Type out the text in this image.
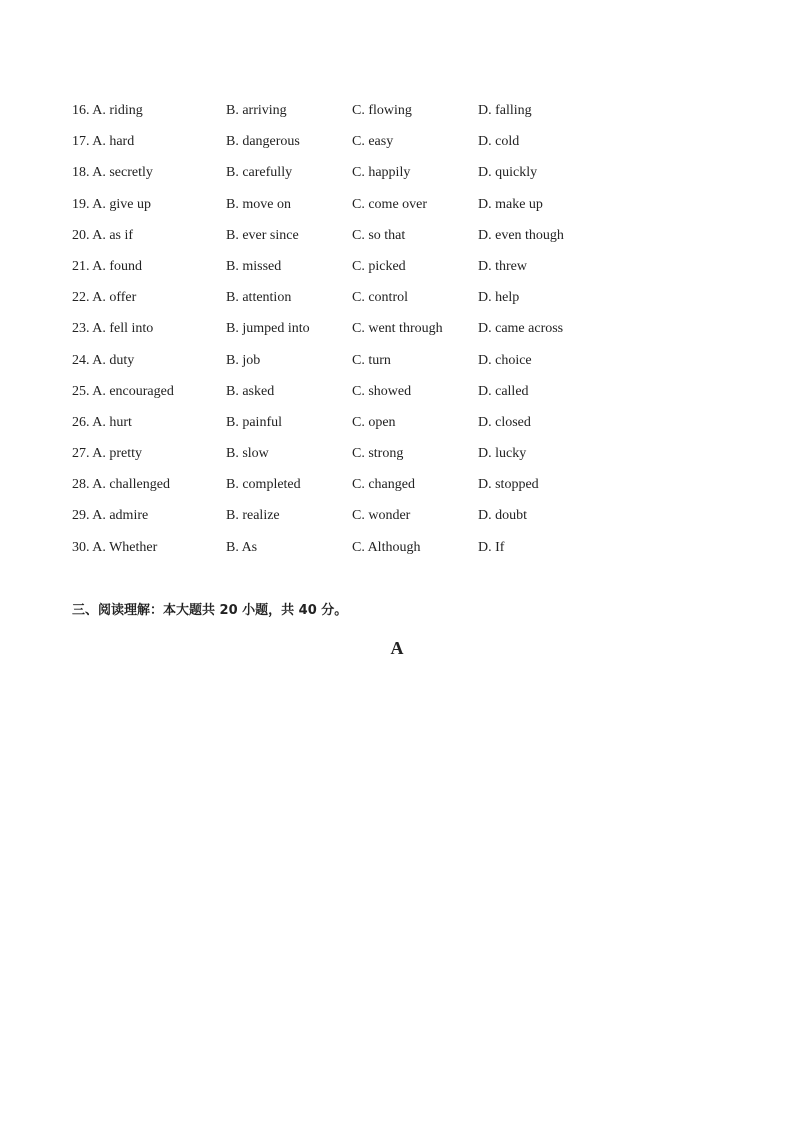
16. A. riding	B. arriving	C. flowing	D. falling
17. A. hard	B. dangerous	C. easy	D. cold
18. A. secretly	B. carefully	C. happily	D. quickly
19. A. give up	B. move on	C. come over	D. make up
20. A. as if	B. ever since	C. so that	D. even though
21. A. found	B. missed	C. picked	D. threw
22. A. offer	B. attention	C. control	D. help
23. A. fell into	B. jumped into	C. went through	D. came across
24. A. duty	B. job	C. turn	D. choice
25. A. encouraged	B. asked	C. showed	D. called
26. A. hurt	B. painful	C. open	D. closed
27. A. pretty	B. slow	C. strong	D. lucky
28. A. challenged	B. completed	C. changed	D. stopped
29. A. admire	B. realize	C. wonder	D. doubt
30. A. Whether	B. As	C. Although	D. If
三、阅读理解：本大题共 20 小题，共 40 分。
A
